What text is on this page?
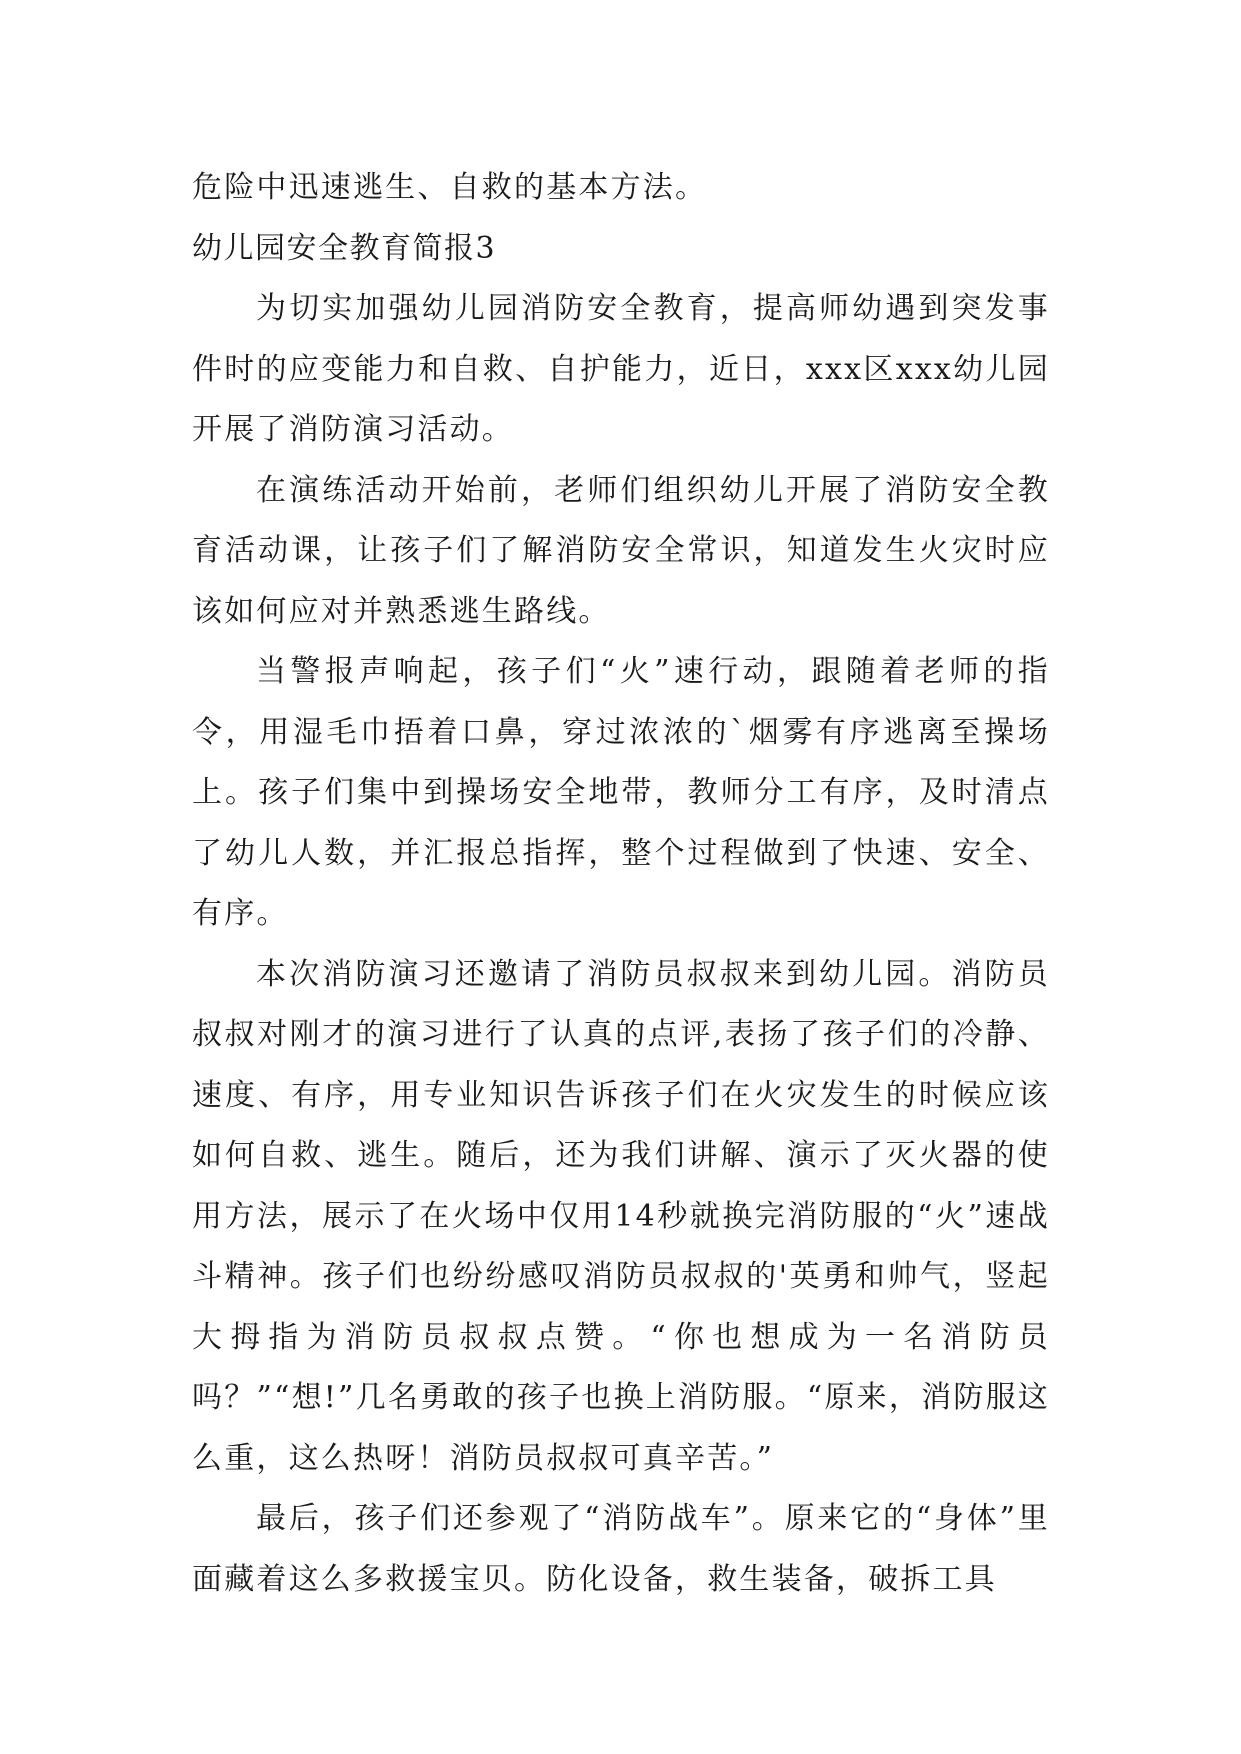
危险中迅速逃生、自救的基本方法。

幼儿园安全教育简报3

为切实加强幼儿园消防安全教育，提高师幼遇到突发事件时的应变能力和自救、自护能力，近日，xxx区xxx幼儿园开展了消防演习活动。

在演练活动开始前，老师们组织幼儿开展了消防安全教育活动课，让孩子们了解消防安全常识，知道发生火灾时应该如何应对并熟悉逃生路线。

当警报声响起，孩子们“火”速行动，跟随着老师的指令，用湿毛巾捂着口鼻，穿过浓浓的`烟雾有序逃离至操场上。孩子们集中到操场安全地带，教师分工有序，及时清点了幼儿人数，并汇报总指挥，整个过程做到了快速、安全、有序。

本次消防演习还邀请了消防员叔叔来到幼儿园。消防员叔叔对刚才的演习进行了认真的点评,表扬了孩子们的冷静、速度、有序，用专业知识告诉孩子们在火灾发生的时候应该如何自救、逃生。随后，还为我们讲解、演示了灭火器的使用方法，展示了在火场中仅用14秒就换完消防服的“火”速战斗精神。孩子们也纷纷感叹消防员叔叔的'英勇和帅气，竖起大拇指为消防员叔叔点赞。“你也想成为一名消防员吗？”“想!”几名勇敢的孩子也换上消防服。“原来，消防服这么重，这么热呀！消防员叔叔可真辛苦。”

最后，孩子们还参观了“消防战车”。原来它的“身体”里面藏着这么多救援宝贝。防化设备，救生装备，破拆工具
